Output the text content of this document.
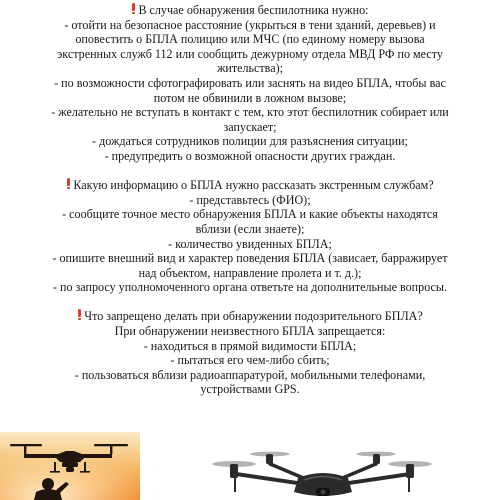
В случае обнаружения беспилотника нужно:
- отойти на безопасное расстояние (укрыться в тени зданий, деревьев) и
оповестить о БПЛА полицию или МЧС (по единому номеру вызова
экстренных служб 112 или сообщить дежурному отдела МВД РФ по месту
жительства);
- по возможности сфотографировать или заснять на видео БПЛА, чтобы вас
потом не обвинили в ложном вызове;
- желательно не вступать в контакт с тем, кто этот беспилотник собирает или
запускает;
- дождаться сотрудников полиции для разъяснения ситуации;
- предупредить о возможной опасности других граждан.
Какую информацию о БПЛА нужно рассказать экстренным службам?
- представьтесь (ФИО);
- сообщите точное место обнаружения БПЛА и какие объекты находятся
вблизи (если знаете);
- количество увиденных БПЛА;
- опишите внешний вид и характер поведения БПЛА (зависает, барражирует
над объектом, направление пролета и т. д.);
- по запросу уполномоченного органа ответьте на дополнительные вопросы.
Что запрещено делать при обнаружении подозрительного БПЛА?
При обнаружении неизвестного БПЛА запрещается:
- находиться в прямой видимости БПЛА;
- пытаться его чем-либо сбить;
- пользоваться вблизи радиоаппаратурой, мобильными телефонами,
устройствами GPS.
